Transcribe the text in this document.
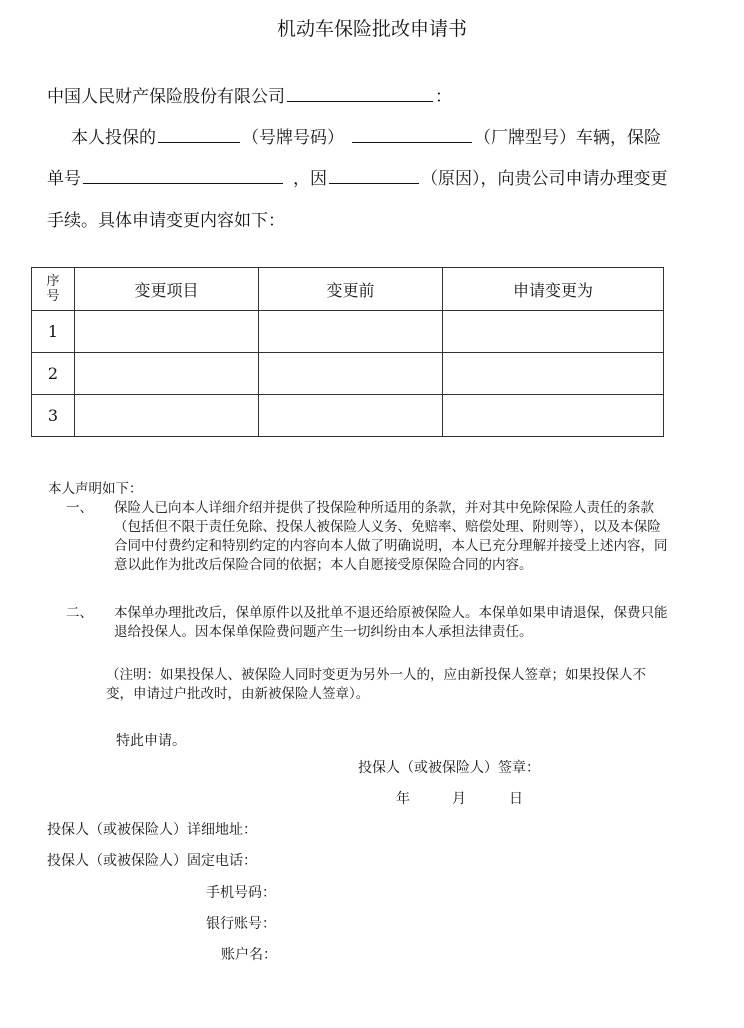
机动车保险批改申请书
中国人民财产保险股份有限公司	：
本人投保的	（号牌号码）	（厂牌型号）车辆，保险
单号	，因	（原因），向贵公司申请办理变更
手续。具体申请变更内容如下：
序号	变更项目	变更前	申请变更为
1			
2			
3			
本人声明如下：
一、 保险人已向本人详细介绍并提供了投保险种所适用的条款，并对其中免除保险人责任的条款（包括但不限于责任免除、投保人被保险人义务、免赔率、赔偿处理、附则等），以及本保险合同中付费约定和特别约定的内容向本人做了明确说明，本人已充分理解并接受上述内容，同意以此作为批改后保险合同的依据；本人自愿接受原保险合同的内容。
二、 本保单办理批改后，保单原件以及批单不退还给原被保险人。本保单如果申请退保，保费只能退给投保人。因本保单保险费问题产生一切纠纷由本人承担法律责任。
（注明：如果投保人、被保险人同时变更为另外一人的，应由新投保人签章；如果投保人不变，申请过户批改时，由新被保险人签章）。
特此申请。
投保人（或被保险人）签章：
年	月	日
投保人（或被保险人）详细地址：
投保人（或被保险人）固定电话：
手机号码：
银行账号：
账户名：
